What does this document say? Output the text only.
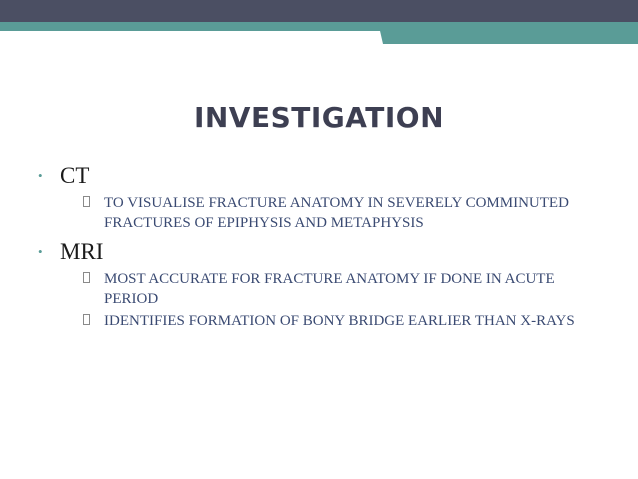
INVESTIGATION
• CT
TO VISUALISE FRACTURE ANATOMY IN SEVERELY COMMINUTED FRACTURES OF EPIPHYSIS AND METAPHYSIS
• MRI
MOST ACCURATE FOR FRACTURE ANATOMY IF DONE IN ACUTE PERIOD
IDENTIFIES FORMATION OF BONY BRIDGE EARLIER THAN X-RAYS
